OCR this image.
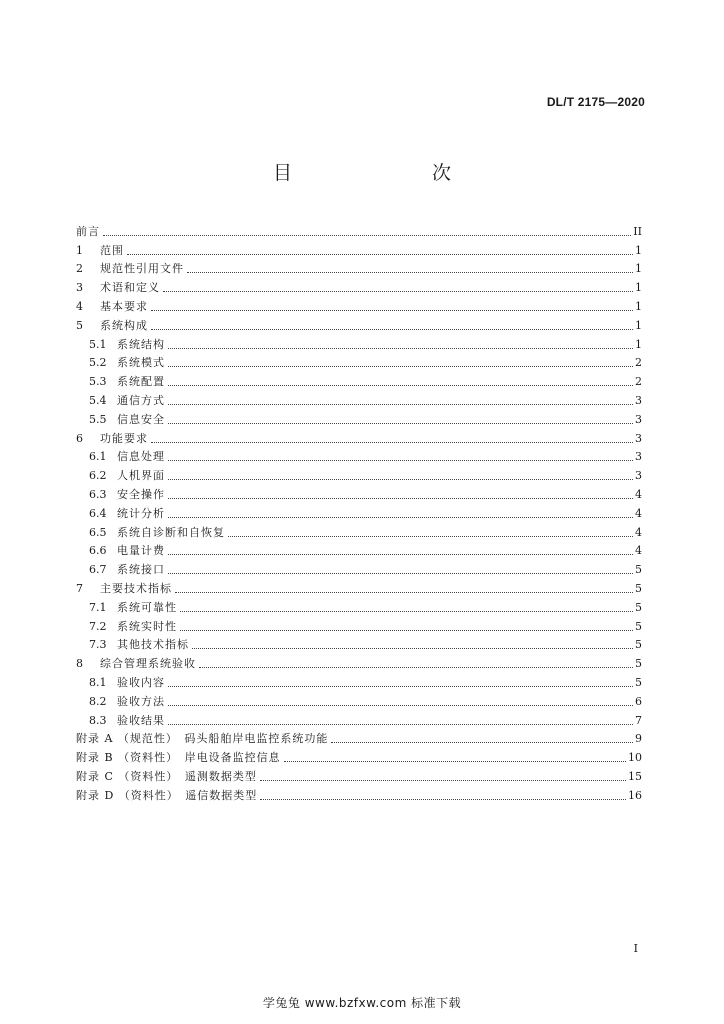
DL/T 2175—2020
目　　次
前言	II
1	范围	1
2	规范性引用文件	1
3	术语和定义	1
4	基本要求	1
5	系统构成	1
5.1 系统结构	1
5.2 系统模式	2
5.3 系统配置	2
5.4 通信方式	3
5.5 信息安全	3
6	功能要求	3
6.1 信息处理	3
6.2 人机界面	3
6.3 安全操作	4
6.4 统计分析	4
6.5 系统自诊断和自恢复	4
6.6 电量计费	4
6.7 系统接口	5
7	主要技术指标	5
7.1 系统可靠性	5
7.2 系统实时性	5
7.3 其他技术指标	5
8	综合管理系统验收	5
8.1 验收内容	5
8.2 验收方法	6
8.3 验收结果	7
附录 A （规范性）　码头船舶岸电监控系统功能	9
附录 B （资料性）　岸电设备监控信息	10
附录 C （资料性）　遥测数据类型	15
附录 D （资料性）　遥信数据类型	16
I
学兔兔 www.bzfxw.com 标准下载
